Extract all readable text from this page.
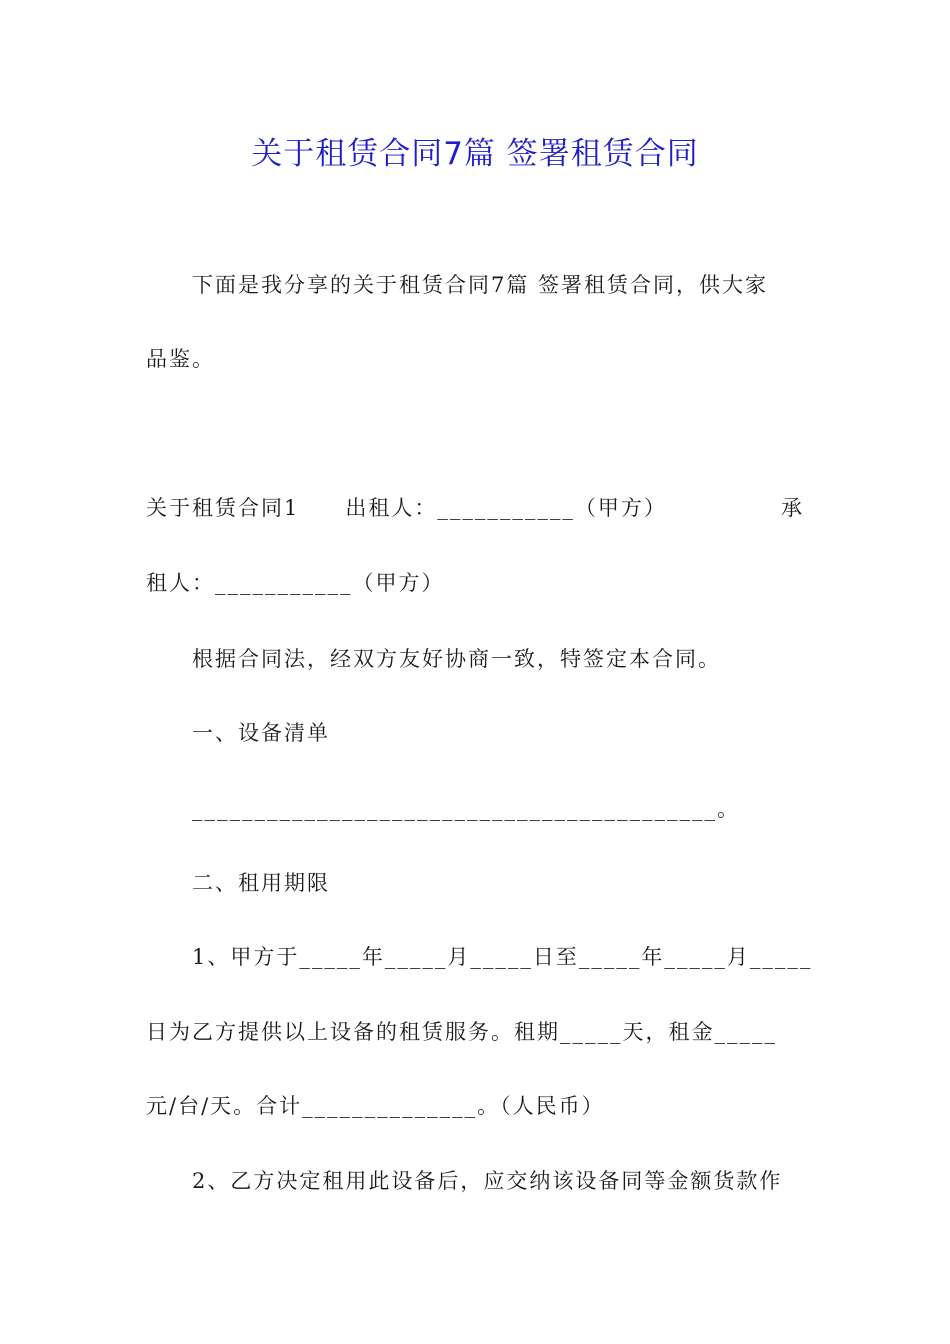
关于租赁合同7篇 签署租赁合同
下面是我分享的关于租赁合同7篇 签署租赁合同，供大家
品鉴。
关于租赁合同1　　出租人：___________（甲方）	承
租人：___________（甲方）
根据合同法，经双方友好协商一致，特签定本合同。
一、设备清单
__________________________________________。
二、租用期限
1、甲方于_____年_____月_____日至_____年_____月_____
日为乙方提供以上设备的租赁服务。租期_____天，租金_____
元/台/天。合计______________。（人民币）
2、乙方决定租用此设备后，应交纳该设备同等金额货款作
